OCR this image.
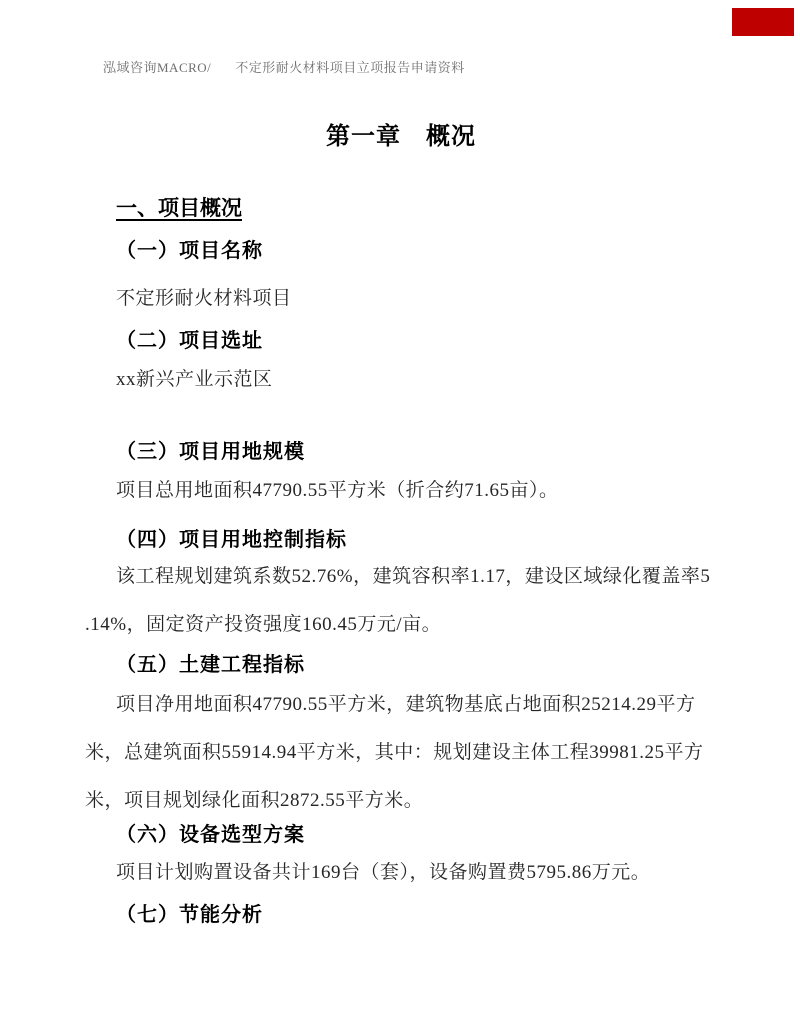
泓域咨询MACRO/ 不定形耐火材料项目立项报告申请资料

第一章　概况
一、项目概况
（一）项目名称
不定形耐火材料项目
（二）项目选址
xx新兴产业示范区
（三）项目用地规模
项目总用地面积47790.55平方米（折合约71.65亩）。
（四）项目用地控制指标
该工程规划建筑系数52.76%，建筑容积率1.17，建设区域绿化覆盖率5
.14%，固定资产投资强度160.45万元/亩。
（五）土建工程指标
项目净用地面积47790.55平方米，建筑物基底占地面积25214.29平方
米，总建筑面积55914.94平方米，其中：规划建设主体工程39981.25平方
米，项目规划绿化面积2872.55平方米。
（六）设备选型方案
项目计划购置设备共计169台（套），设备购置费5795.86万元。
（七）节能分析
